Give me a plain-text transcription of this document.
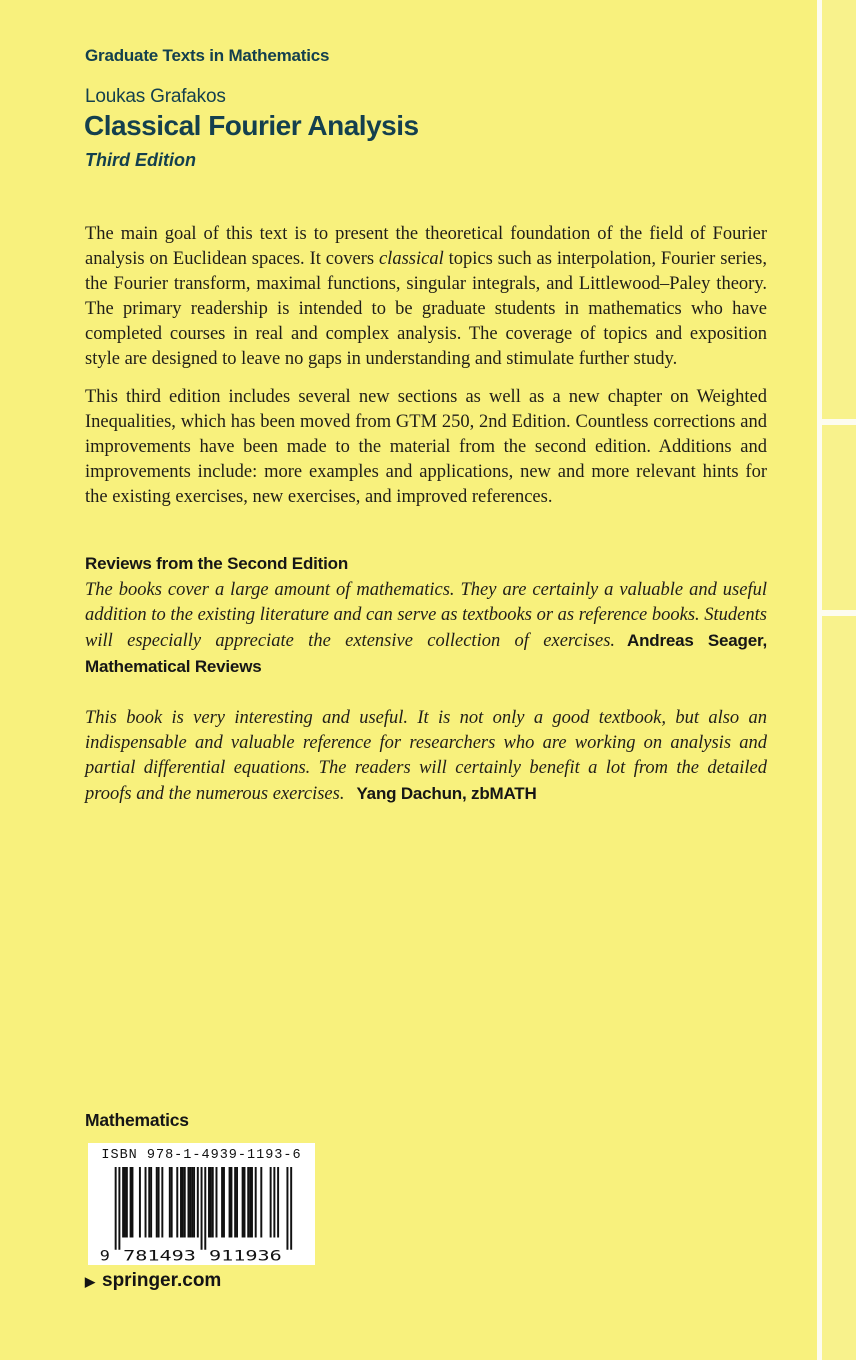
Graduate Texts in Mathematics
Loukas Grafakos
Classical Fourier Analysis
Third Edition

The main goal of this text is to present the theoretical foundation of the field of Fourier analysis on Euclidean spaces. It covers classical topics such as interpolation, Fourier series, the Fourier transform, maximal functions, singular integrals, and Littlewood–Paley theory. The primary readership is intended to be graduate students in mathematics who have completed courses in real and complex analysis. The coverage of topics and exposition style are designed to leave no gaps in understanding and stimulate further study.

This third edition includes several new sections as well as a new chapter on Weighted Inequalities, which has been moved from GTM 250, 2nd Edition. Countless corrections and improvements have been made to the material from the second edition. Additions and improvements include: more examples and applications, new and more relevant hints for the existing exercises, new exercises, and improved references.

Reviews from the Second Edition
The books cover a large amount of mathematics. They are certainly a valuable and useful addition to the existing literature and can serve as textbooks or as reference books. Students will especially appreciate the extensive collection of exercises. Andreas Seager, Mathematical Reviews
This book is very interesting and useful. It is not only a good textbook, but also an indispensable and valuable reference for researchers who are working on analysis and partial differential equations. The readers will certainly benefit a lot from the detailed proofs and the numerous exercises. Yang Dachun, zbMATH
Mathematics
ISBN 978-1-4939-1193-6
9 781493 911936
▶ springer.com
